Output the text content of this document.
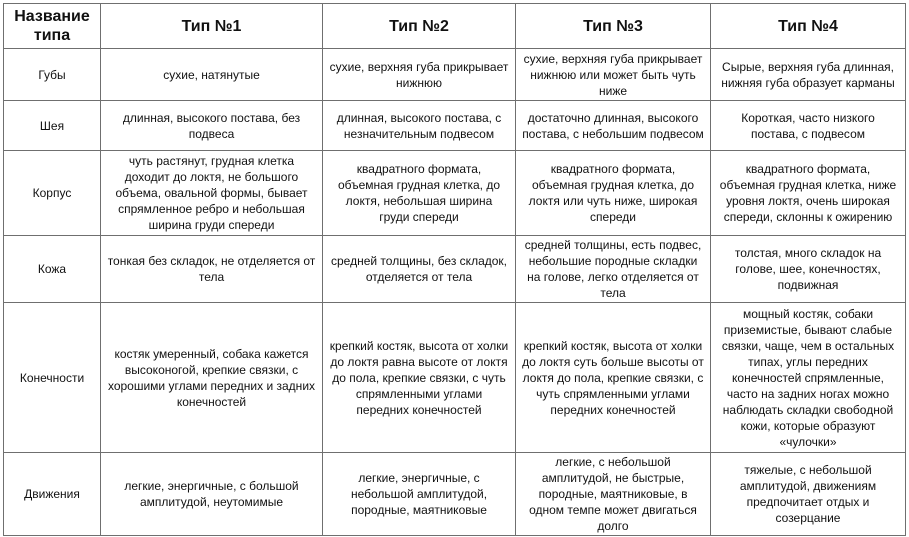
Название типа	Тип №1	Тип №2	Тип №3	Тип №4
Губы	сухие, натянутые	сухие, верхняя губа прикрывает нижнюю	сухие, верхняя губа прикрывает нижнюю или может быть чуть ниже	Сырые, верхняя губа длинная, нижняя губа образует карманы
Шея	длинная, высокого постава, без подвеса	длинная, высокого постава, с незначительным подвесом	достаточно длинная, высокого постава, с небольшим подвесом	Короткая, часто низкого постава, с подвесом
Корпус	чуть растянут, грудная клетка доходит до локтя, не большого объема, овальной формы, бывает спрямленное ребро и небольшая ширина груди спереди	квадратного формата, объемная грудная клетка, до локтя, небольшая ширина груди спереди	квадратного формата, объемная грудная клетка, до локтя или чуть ниже, широкая спереди	квадратного формата, объемная грудная клетка, ниже уровня локтя, очень широкая спереди, склонны к ожирению
Кожа	тонкая без складок, не отделяется от тела	средней толщины, без складок, отделяется от тела	средней толщины, есть подвес, небольшие породные складки на голове, легко отделяется от тела	толстая, много складок на голове, шее, конечностях, подвижная
Конечности	костяк умеренный, собака кажется высоконогой, крепкие связки, с хорошими углами передних и задних конечностей	крепкий костяк, высота от холки до локтя равна высоте от локтя до пола, крепкие связки, с чуть спрямленными углами передних конечностей	крепкий костяк, высота от холки до локтя суть больше высоты от локтя до пола, крепкие связки, с чуть спрямленными углами передних конечностей	мощный костяк, собаки приземистые, бывают слабые связки, чаще, чем в остальных типах, углы передних конечностей спрямленные, часто на задних ногах можно наблюдать складки свободной кожи, которые образуют «чулочки»
Движения	легкие, энергичные, с большой амплитудой, неутомимые	легкие, энергичные, с небольшой амплитудой, породные, маятниковые	легкие, с небольшой амплитудой, не быстрые, породные, маятниковые, в одном темпе может двигаться долго	тяжелые, с небольшой амплитудой, движениям предпочитает отдых и созерцание
